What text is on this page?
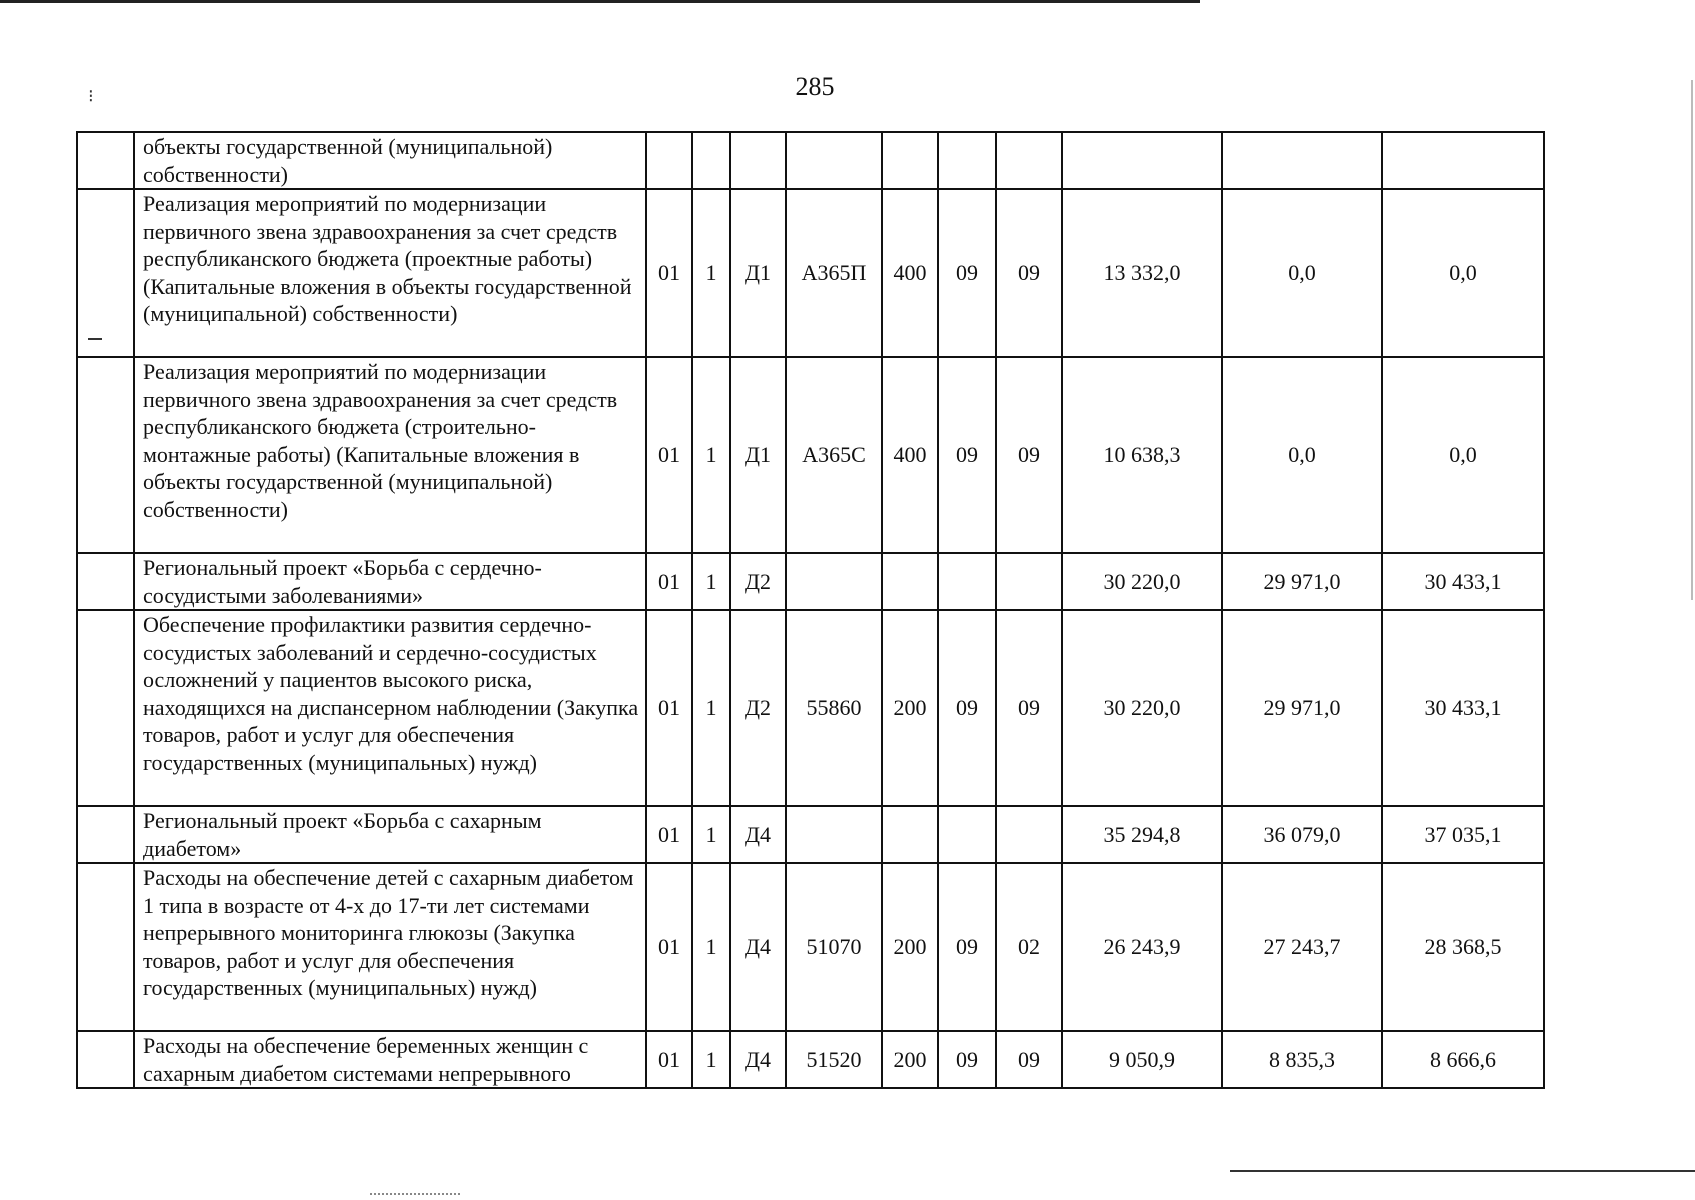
285
⁝
	объекты государственной (муниципальной) собственности)										
	Реализация мероприятий по модернизации первичного звена здравоохранения за счет средств республиканского бюджета (проектные работы) (Капитальные вложения в объекты государственной (муниципальной) собственности)	01	1	Д1	А365П	400	09	09	13 332,0	0,0	0,0
	Реализация мероприятий по модернизации первичного звена здравоохранения за счет средств республиканского бюджета (строительно-монтажные работы) (Капитальные вложения в объекты государственной (муниципальной) собственности)	01	1	Д1	А365С	400	09	09	10 638,3	0,0	0,0
	Региональный проект «Борьба с сердечно-сосудистыми заболеваниями»	01	1	Д2					30 220,0	29 971,0	30 433,1
	Обеспечение профилактики развития сердечно-сосудистых заболеваний и сердечно-сосудистых осложнений у пациентов высокого риска, находящихся на диспансерном наблюдении (Закупка товаров, работ и услуг для обеспечения государственных (муниципальных) нужд)	01	1	Д2	55860	200	09	09	30 220,0	29 971,0	30 433,1
	Региональный проект «Борьба с сахарным диабетом»	01	1	Д4					35 294,8	36 079,0	37 035,1
	Расходы на обеспечение детей с сахарным диабетом 1 типа в возрасте от 4-х до 17-ти лет системами непрерывного мониторинга глюкозы (Закупка товаров, работ и услуг для обеспечения государственных (муниципальных) нужд)	01	1	Д4	51070	200	09	02	26 243,9	27 243,7	28 368,5
	Расходы на обеспечение беременных женщин с сахарным диабетом системами непрерывного	01	1	Д4	51520	200	09	09	9 050,9	8 835,3	8 666,6
